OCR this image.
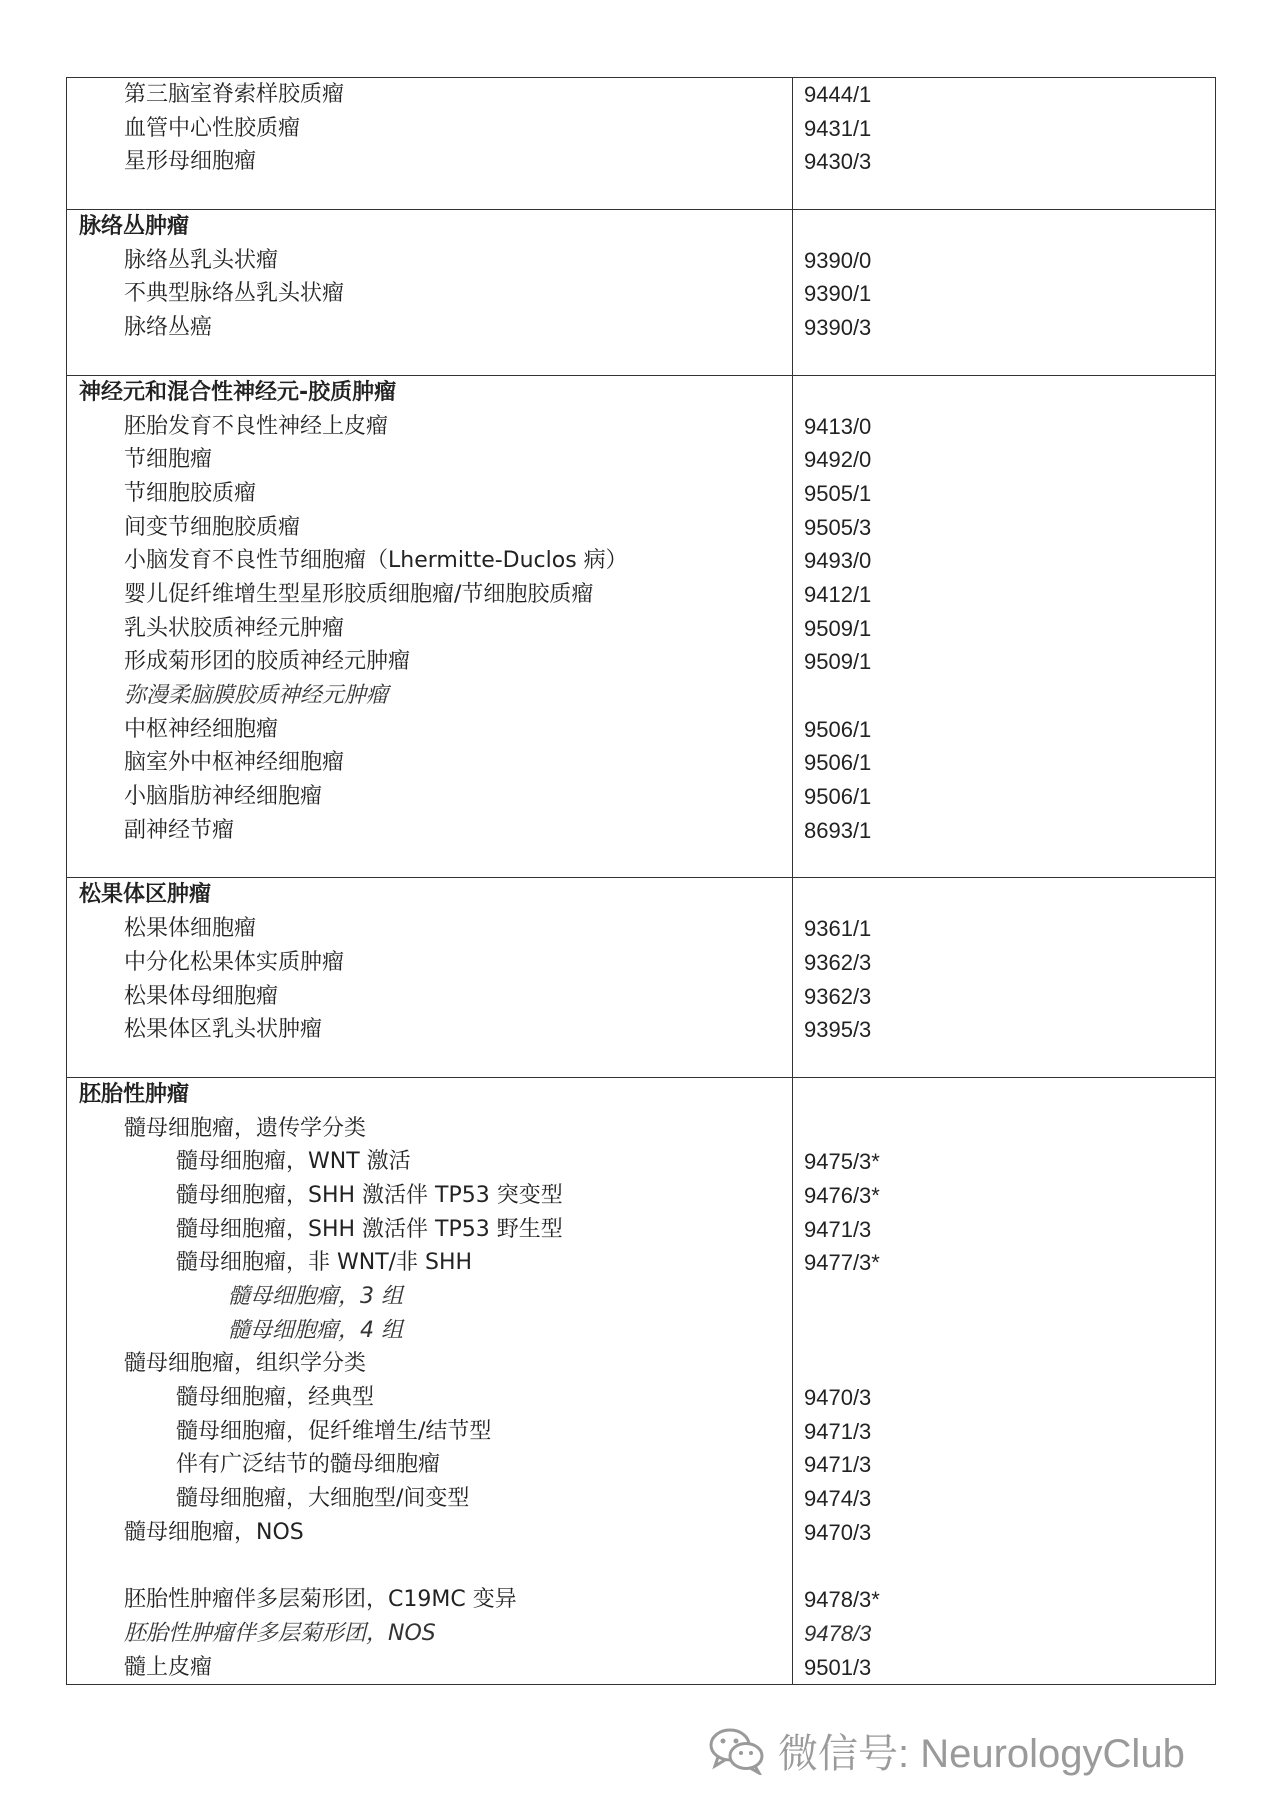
第三脑室脊索样胶质瘤
血管中心性胶质瘤
星形母细胞瘤
9444/1
9431/1
9430/3
脉络丛肿瘤
脉络丛乳头状瘤
不典型脉络丛乳头状瘤
脉络丛癌
9390/0
9390/1
9390/3
神经元和混合性神经元-胶质肿瘤
胚胎发育不良性神经上皮瘤
节细胞瘤
节细胞胶质瘤
间变节细胞胶质瘤
小脑发育不良性节细胞瘤（Lhermitte-Duclos 病）
婴儿促纤维增生型星形胶质细胞瘤/节细胞胶质瘤
乳头状胶质神经元肿瘤
形成菊形团的胶质神经元肿瘤
弥漫柔脑膜胶质神经元肿瘤
中枢神经细胞瘤
脑室外中枢神经细胞瘤
小脑脂肪神经细胞瘤
副神经节瘤
9413/0
9492/0
9505/1
9505/3
9493/0
9412/1
9509/1
9509/1
9506/1
9506/1
9506/1
8693/1
松果体区肿瘤
松果体细胞瘤
中分化松果体实质肿瘤
松果体母细胞瘤
松果体区乳头状肿瘤
9361/1
9362/3
9362/3
9395/3
胚胎性肿瘤
髓母细胞瘤，遗传学分类
髓母细胞瘤，WNT 激活
髓母细胞瘤，SHH 激活伴 TP53 突变型
髓母细胞瘤，SHH 激活伴 TP53 野生型
髓母细胞瘤，非 WNT/非 SHH
髓母细胞瘤，3 组
髓母细胞瘤，4 组
髓母细胞瘤，组织学分类
髓母细胞瘤，经典型
髓母细胞瘤，促纤维增生/结节型
伴有广泛结节的髓母细胞瘤
髓母细胞瘤，大细胞型/间变型
髓母细胞瘤，NOS
胚胎性肿瘤伴多层菊形团，C19MC 变异
胚胎性肿瘤伴多层菊形团，NOS
髓上皮瘤
9475/3*
9476/3*
9471/3
9477/3*
9470/3
9471/3
9471/3
9474/3
9470/3
9478/3*
9478/3
9501/3
微信号: NeurologyClub
